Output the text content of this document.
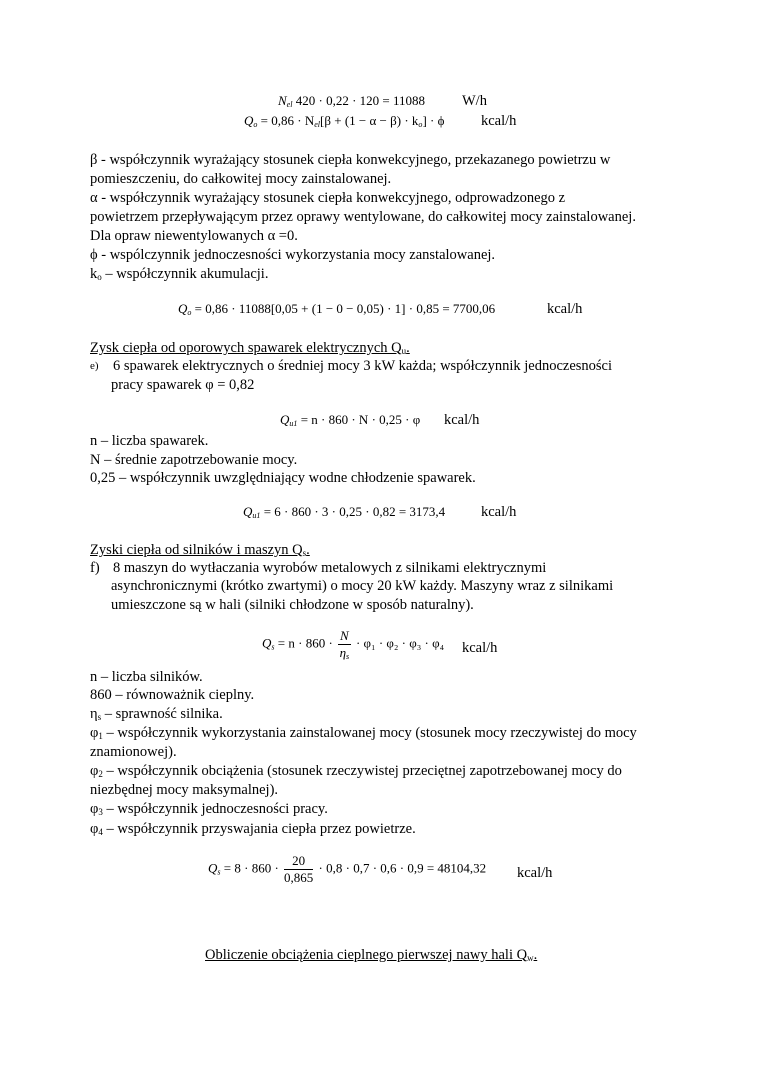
$N_{el}$ 420 · 0,22 · 120 = 11088	W/h
$Q_o = 0,86 \cdot N_{el}[\beta + (1 - \alpha - \beta) \cdot k_o] \cdot \phi$	kcal/h
β - współczynnik wyrażający stosunek ciepła konwekcyjnego, przekazanego powietrzu w
pomieszczeniu, do całkowitej mocy zainstalowanej.
α - współczynnik wyrażający stosunek ciepła konwekcyjnego, odprowadzonego z
powietrzem przepływającym przez oprawy wentylowane, do całkowitej mocy zainstalowanej.
Dla opraw niewentylowanych α =0.
ϕ - wspólczynnik jednoczesności wykorzystania mocy zanstalowanej.
$k_o$ – współczynnik akumulacji.
$Q_o = 0,86 \cdot 11088[0,05 + (1 - 0 - 0,05) \cdot 1] \cdot 0,85 = 7700,06$	kcal/h
Zysk ciepła od oporowych spawarek elektrycznych $Q_u$.
e) 6 spawarek elektrycznych o średniej mocy 3 kW każda; współczynnik jednoczesności
pracy spawarek φ = 0,82
$Q_{u1} = n \cdot 860 \cdot N \cdot 0,25 \cdot \varphi$ kcal/h
n – liczba spawarek.
N – średnie zapotrzebowanie mocy.
0,25 – współczynnik uwzględniający wodne chłodzenie spawarek.
$Q_{u1} = 6 \cdot 860 \cdot 3 \cdot 0,25 \cdot 0,82 = 3173,4$ kcal/h
Zyski ciepła od silników i maszyn $Q_s$.
f) 8 maszyn do wytłaczania wyrobów metalowych z silnikami elektrycznymi
asynchronicznymi (krótko zwartymi) o mocy 20 kW każdy. Maszyny wraz z silnikami
umieszczone są w hali (silniki chłodzone w sposób naturalny).
$Q_s = n \cdot 860 \cdot \frac{N}{\eta_s} \cdot \varphi_1 \cdot \varphi_2 \cdot \varphi_3 \cdot \varphi_4$ kcal/h
n – liczba silników.
860 – równoważnik cieplny.
$\eta_s$ – sprawność silnika.
$\varphi_1$ – współczynnik wykorzystania zainstalowanej mocy (stosunek mocy rzeczywistej do mocy
znamionowej).
$\varphi_2$ – współczynnik obciążenia (stosunek rzeczywistej przeciętnej zapotrzebowanej mocy do
niezbędnej mocy maksymalnej).
$\varphi_3$ – współczynnik jednoczesności pracy.
$\varphi_4$ – współczynnik przyswajania ciepła przez powietrze.
$Q_s = 8 \cdot 860 \cdot \frac{20}{0,865} \cdot 0,8 \cdot 0,7 \cdot 0,6 \cdot 0,9 = 48104,32$ kcal/h
Obliczenie obciążenia cieplnego pierwszej nawy hali $Q_w$.
